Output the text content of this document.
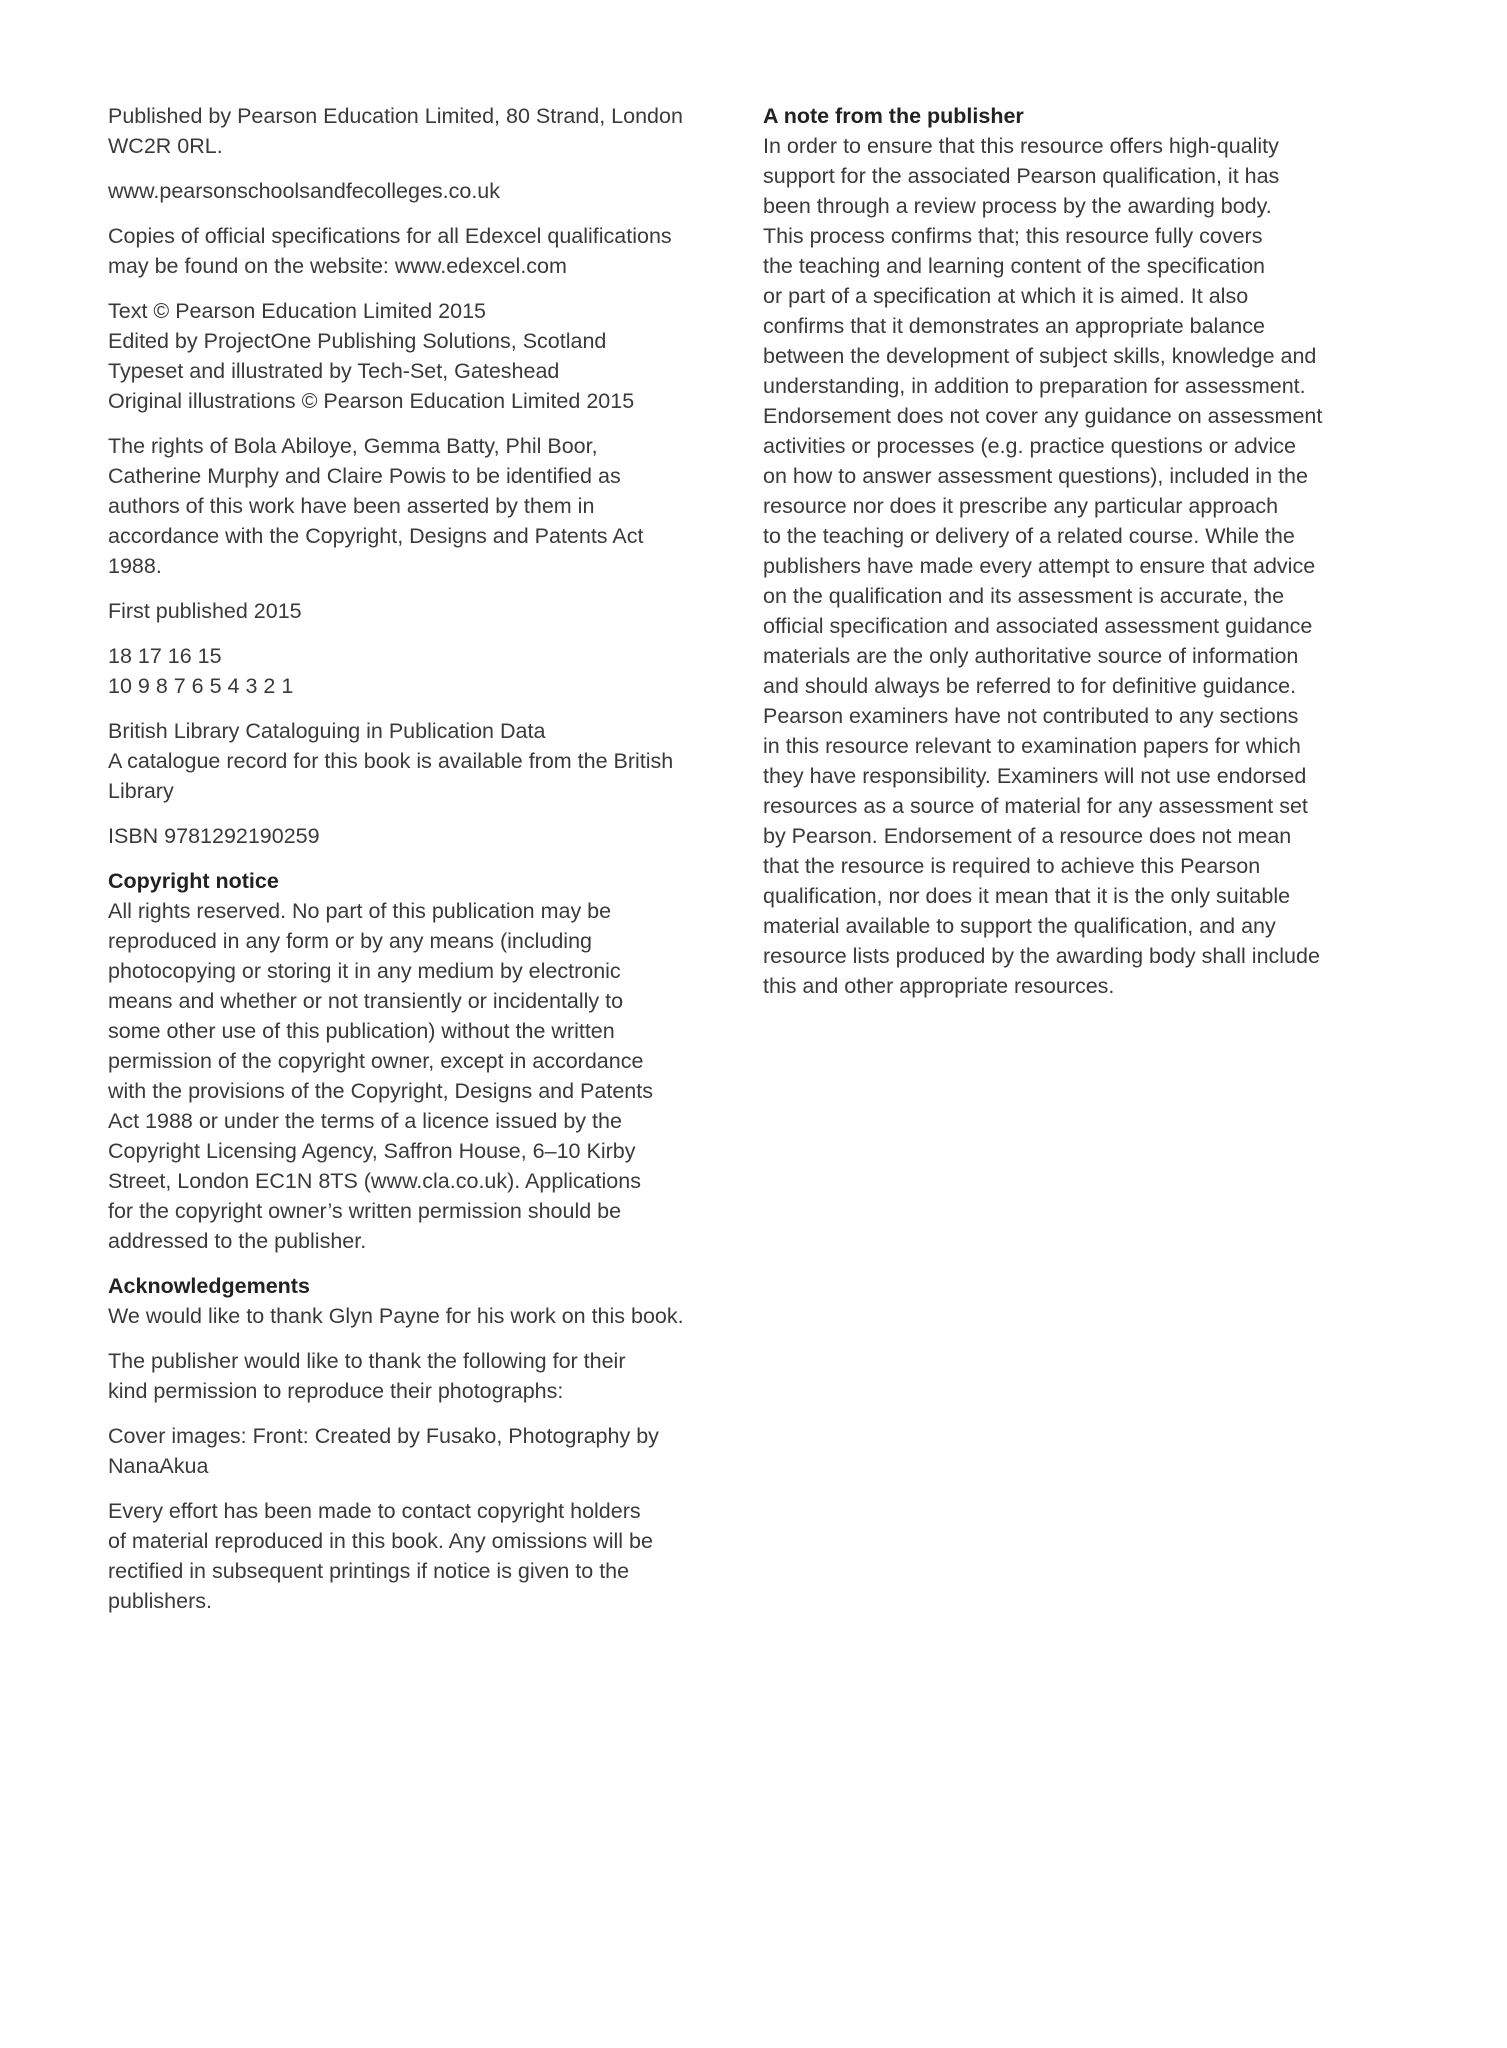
Published by Pearson Education Limited, 80 Strand, London
WC2R 0RL.
www.pearsonschoolsandfecolleges.co.uk
Copies of official specifications for all Edexcel qualifications
may be found on the website: www.edexcel.com
Text © Pearson Education Limited 2015
Edited by ProjectOne Publishing Solutions, Scotland
Typeset and illustrated by Tech-Set, Gateshead
Original illustrations © Pearson Education Limited 2015
The rights of Bola Abiloye, Gemma Batty, Phil Boor,
Catherine Murphy and Claire Powis to be identified as
authors of this work have been asserted by them in
accordance with the Copyright, Designs and Patents Act
1988.
First published 2015
18 17 16 15
10 9 8 7 6 5 4 3 2 1
British Library Cataloguing in Publication Data
A catalogue record for this book is available from the British
Library
ISBN 9781292190259
Copyright notice
All rights reserved. No part of this publication may be
reproduced in any form or by any means (including
photocopying or storing it in any medium by electronic
means and whether or not transiently or incidentally to
some other use of this publication) without the written
permission of the copyright owner, except in accordance
with the provisions of the Copyright, Designs and Patents
Act 1988 or under the terms of a licence issued by the
Copyright Licensing Agency, Saffron House, 6–10 Kirby
Street, London EC1N 8TS (www.cla.co.uk). Applications
for the copyright owner’s written permission should be
addressed to the publisher.
Acknowledgements
We would like to thank Glyn Payne for his work on this book.
The publisher would like to thank the following for their
kind permission to reproduce their photographs:
Cover images: Front: Created by Fusako, Photography by
NanaAkua
Every effort has been made to contact copyright holders
of material reproduced in this book. Any omissions will be
rectified in subsequent printings if notice is given to the
publishers.
A note from the publisher
In order to ensure that this resource offers high-quality
support for the associated Pearson qualification, it has
been through a review process by the awarding body.
This process confirms that; this resource fully covers
the teaching and learning content of the specification
or part of a specification at which it is aimed. It also
confirms that it demonstrates an appropriate balance
between the development of subject skills, knowledge and
understanding, in addition to preparation for assessment.
Endorsement does not cover any guidance on assessment
activities or processes (e.g. practice questions or advice
on how to answer assessment questions), included in the
resource nor does it prescribe any particular approach
to the teaching or delivery of a related course. While the
publishers have made every attempt to ensure that advice
on the qualification and its assessment is accurate, the
official specification and associated assessment guidance
materials are the only authoritative source of information
and should always be referred to for definitive guidance.
Pearson examiners have not contributed to any sections
in this resource relevant to examination papers for which
they have responsibility. Examiners will not use endorsed
resources as a source of material for any assessment set
by Pearson. Endorsement of a resource does not mean
that the resource is required to achieve this Pearson
qualification, nor does it mean that it is the only suitable
material available to support the qualification, and any
resource lists produced by the awarding body shall include
this and other appropriate resources.
